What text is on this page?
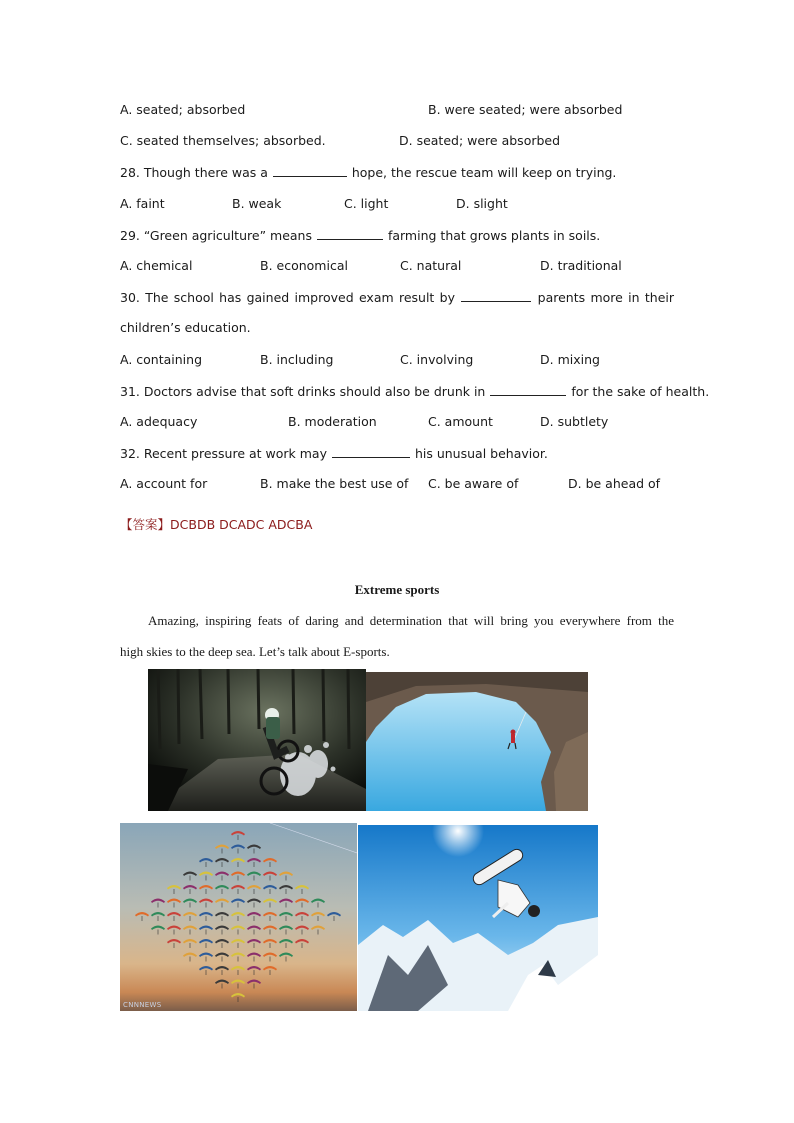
A. seated; absorbed	B. were seated; were absorbed
C. seated themselves; absorbed.	D. seated; were absorbed
28. Though there was a	hope, the rescue team will keep on trying.
A. faint	B. weak	C. light	D. slight
29. “Green agriculture” means	farming that grows plants in soils.
A. chemical	B. economical	C. natural	D. traditional
30. The school has gained improved exam result by	parents more in their
children’s education.
A. containing	B. including	C. involving	D. mixing
31. Doctors advise that soft drinks should also be drunk in	for the sake of health.
A. adequacy	B. moderation	C. amount	D. subtlety
32. Recent pressure at work may	his unusual behavior.
A. account for	B. make the best use of C. be aware of	D. be ahead of
【答案】DCBDB DCADC ADCBA
Extreme sports
Amazing, inspiring feats of daring and determination that will bring you everywhere from the
high skies to the deep sea. Let’s talk about E-sports.
CNNNEWS
